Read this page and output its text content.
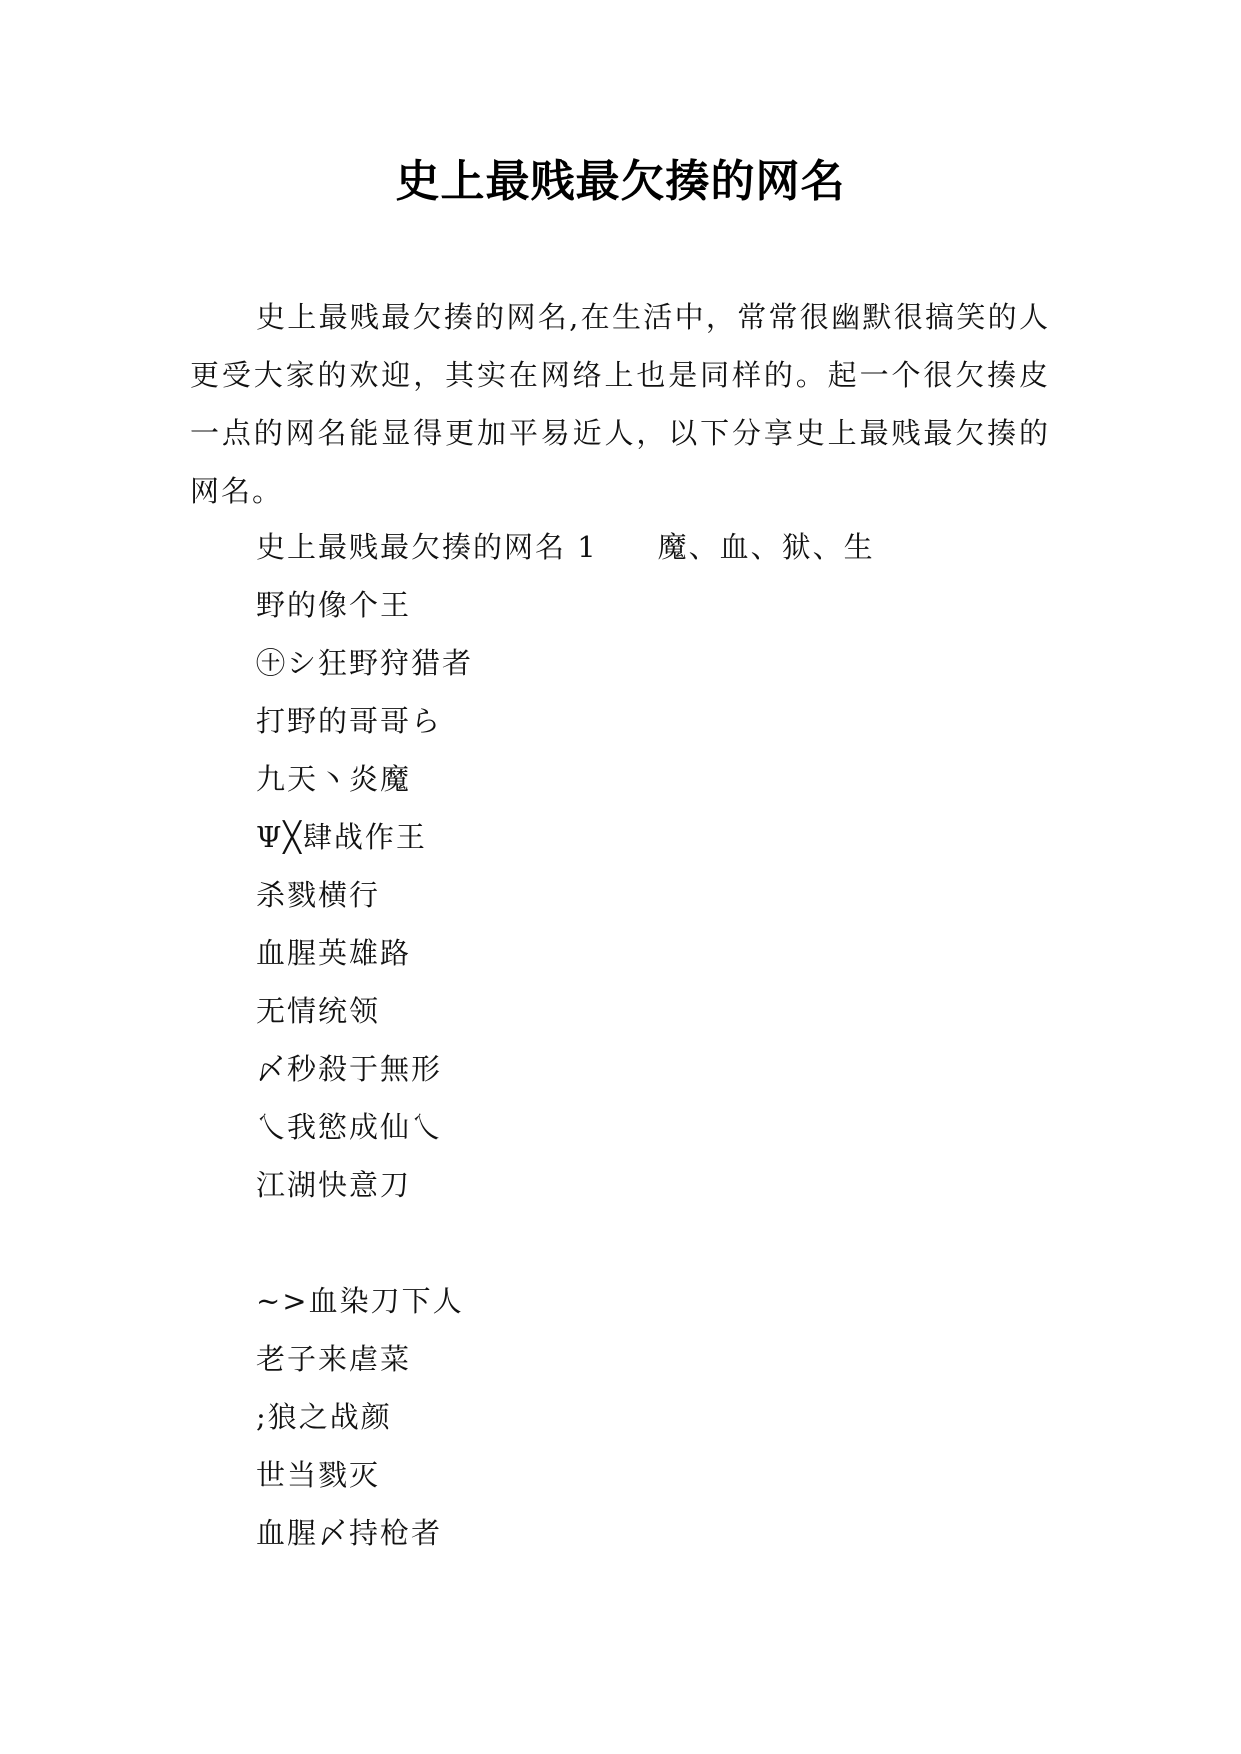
史上最贱最欠揍的网名

史上最贱最欠揍的网名,在生活中，常常很幽默很搞笑的人更受大家的欢迎，其实在网络上也是同样的。起一个很欠揍皮一点的网名能显得更加平易近人，以下分享史上最贱最欠揍的网名。

史上最贱最欠揍的网名 1 魔、血、狱、生
野的像个王
㊉シ狂野狩猎者
打野的哥哥ら
九天丶炎魔
Ψ╳肆战作王
杀戮横行
血腥英雄路
无情统领
〆秒殺于無形
乀我慾成仙乀
江湖快意刀
~>血染刀下人
老子来虐菜
;狼之战颜
世当戮灭
血腥〆持枪者
